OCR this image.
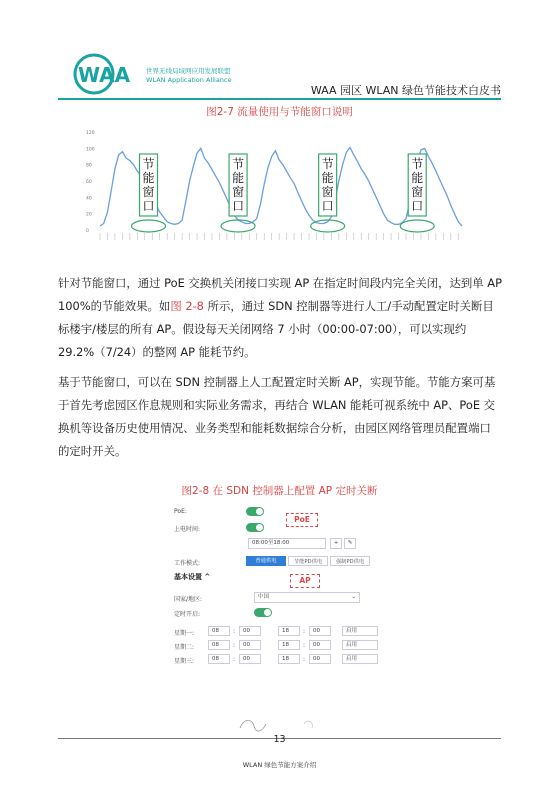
WAA 世界无线局域网应用发展联盟
WLAN Application Alliance
WAA 园区 WLAN 绿色节能技术白皮书
图2-7 流量使用与节能窗口说明
120
100
80
60
40
20
0
节
能
窗
口
节
能
窗
口
节
能
窗
口
节
能
窗
口
针对节能窗口，通过 PoE 交换机关闭接口实现 AP 在指定时间段内完全关闭，达到单 AP 100%的节能效果。如图 2-8 所示，通过 SDN 控制器等进行人工/手动配置定时关断目标楼宇/楼层的所有 AP。假设每天关闭网络 7 小时（00:00-07:00），可以实现约 29.2%（7/24）的整网 AP 能耗节约。
基于节能窗口，可以在 SDN 控制器上人工配置定时关断 AP，实现节能。节能方案可基于首先考虑园区作息规则和实际业务需求，再结合 WLAN 能耗可视系统中 AP、PoE 交换机等设备历史使用情况、业务类型和能耗数据综合分析，由园区网络管理员配置端口的定时开关。
图2-8 在 SDN 控制器上配置 AP 定时关断
PoE:
PoE
上电时间:
08:00至18:00	+	✎
工作模式:	普通供电	节能PD供电	强制PD供电
基本设置 ^	AP
国家/地区:	中国	⌄
定时开启:
星期一:	08	:	00	18	:	00	启用
星期二:	08	:	00	18	:	00	启用
星期三:	08	:	00	18	:	00	启用
13
WLAN 绿色节能方案介绍
